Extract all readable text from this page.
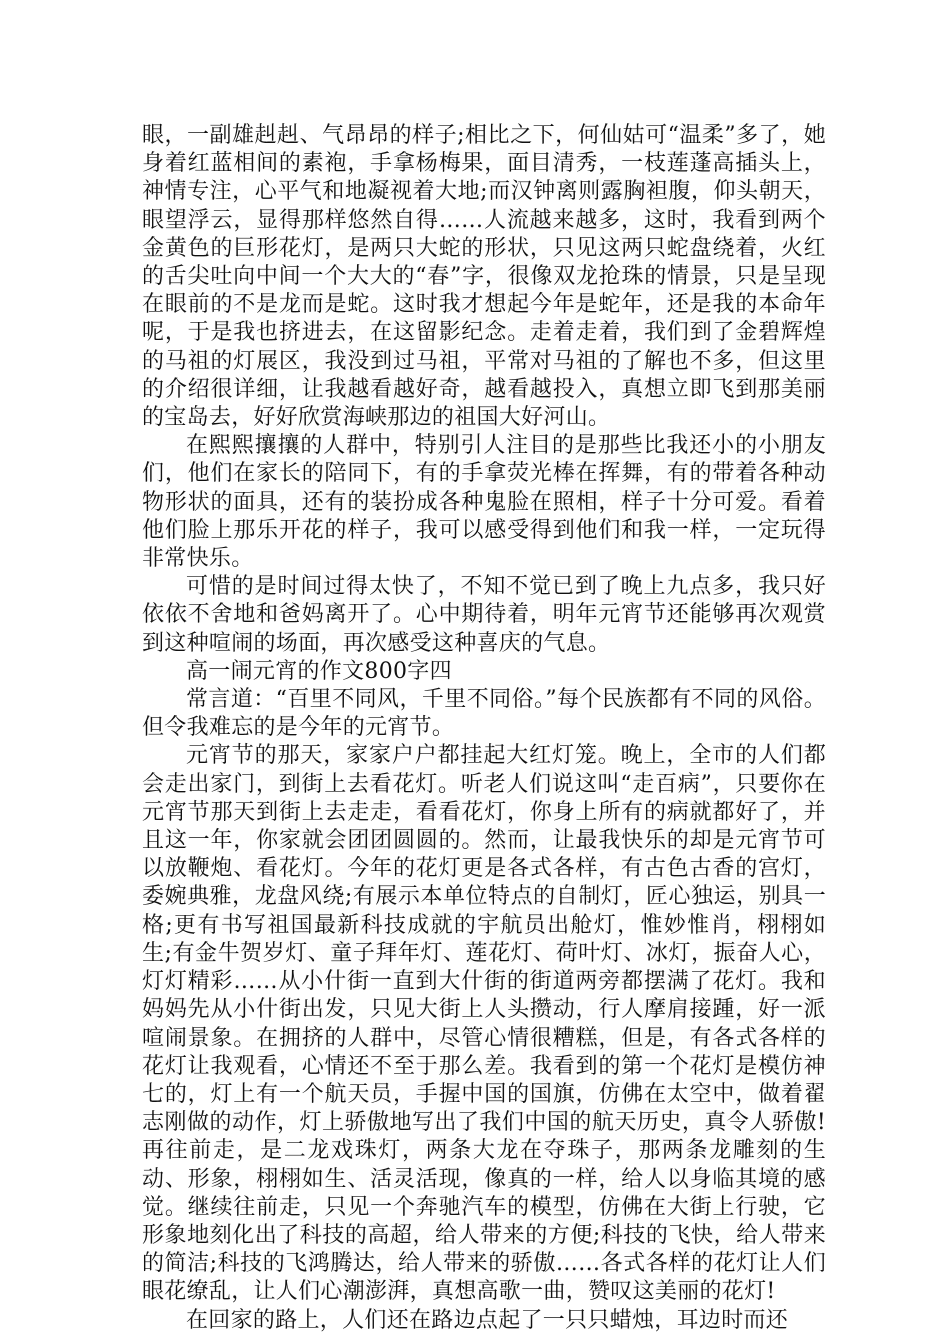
眼，一副雄赳赳、气昂昂的样子;相比之下，何仙姑可“温柔”多了，她身着红蓝相间的素袍，手拿杨梅果，面目清秀，一枝莲蓬高插头上，神情专注，心平气和地凝视着大地;而汉钟离则露胸袒腹，仰头朝天，眼望浮云，显得那样悠然自得……人流越来越多，这时，我看到两个金黄色的巨形花灯，是两只大蛇的形状，只见这两只蛇盘绕着，火红的舌尖吐向中间一个大大的“春”字，很像双龙抢珠的情景，只是呈现在眼前的不是龙而是蛇。这时我才想起今年是蛇年，还是我的本命年呢，于是我也挤进去，在这留影纪念。走着走着，我们到了金碧辉煌的马祖的灯展区，我没到过马祖，平常对马祖的了解也不多，但这里的介绍很详细，让我越看越好奇，越看越投入，真想立即飞到那美丽的宝岛去，好好欣赏海峡那边的祖国大好河山。

在熙熙攘攘的人群中，特别引人注目的是那些比我还小的小朋友们，他们在家长的陪同下，有的手拿荧光棒在挥舞，有的带着各种动物形状的面具，还有的装扮成各种鬼脸在照相，样子十分可爱。看着他们脸上那乐开花的样子，我可以感受得到他们和我一样，一定玩得非常快乐。

可惜的是时间过得太快了，不知不觉已到了晚上九点多，我只好依依不舍地和爸妈离开了。心中期待着，明年元宵节还能够再次观赏到这种喧闹的场面，再次感受这种喜庆的气息。

高一闹元宵的作文800字四

常言道：“百里不同风，千里不同俗。”每个民族都有不同的风俗。但令我难忘的是今年的元宵节。

元宵节的那天，家家户户都挂起大红灯笼。晚上，全市的人们都会走出家门，到街上去看花灯。听老人们说这叫“走百病”，只要你在元宵节那天到街上去走走，看看花灯，你身上所有的病就都好了，并且这一年，你家就会团团圆圆的。然而，让最我快乐的却是元宵节可以放鞭炮、看花灯。今年的花灯更是各式各样，有古色古香的宫灯，委婉典雅，龙盘风绕;有展示本单位特点的自制灯，匠心独运，别具一格;更有书写祖国最新科技成就的宇航员出舱灯，惟妙惟肖，栩栩如生;有金牛贺岁灯、童子拜年灯、莲花灯、荷叶灯、冰灯，振奋人心，灯灯精彩……从小什街一直到大什街的街道两旁都摆满了花灯。我和妈妈先从小什街出发，只见大街上人头攒动，行人摩肩接踵，好一派喧闹景象。在拥挤的人群中，尽管心情很糟糕，但是，有各式各样的花灯让我观看，心情还不至于那么差。我看到的第一个花灯是模仿神七的，灯上有一个航天员，手握中国的国旗，仿佛在太空中，做着翟志刚做的动作，灯上骄傲地写出了我们中国的航天历史，真令人骄傲!再往前走，是二龙戏珠灯，两条大龙在夺珠子，那两条龙雕刻的生动、形象，栩栩如生、活灵活现，像真的一样，给人以身临其境的感觉。继续往前走，只见一个奔驰汽车的模型，仿佛在大街上行驶，它形象地刻化出了科技的高超，给人带来的方便;科技的飞快，给人带来的简洁;科技的飞鸿腾达，给人带来的骄傲……各式各样的花灯让人们眼花缭乱，让人们心潮澎湃，真想高歌一曲，赞叹这美丽的花灯!

在回家的路上，人们还在路边点起了一只只蜡烛，耳边时而还
